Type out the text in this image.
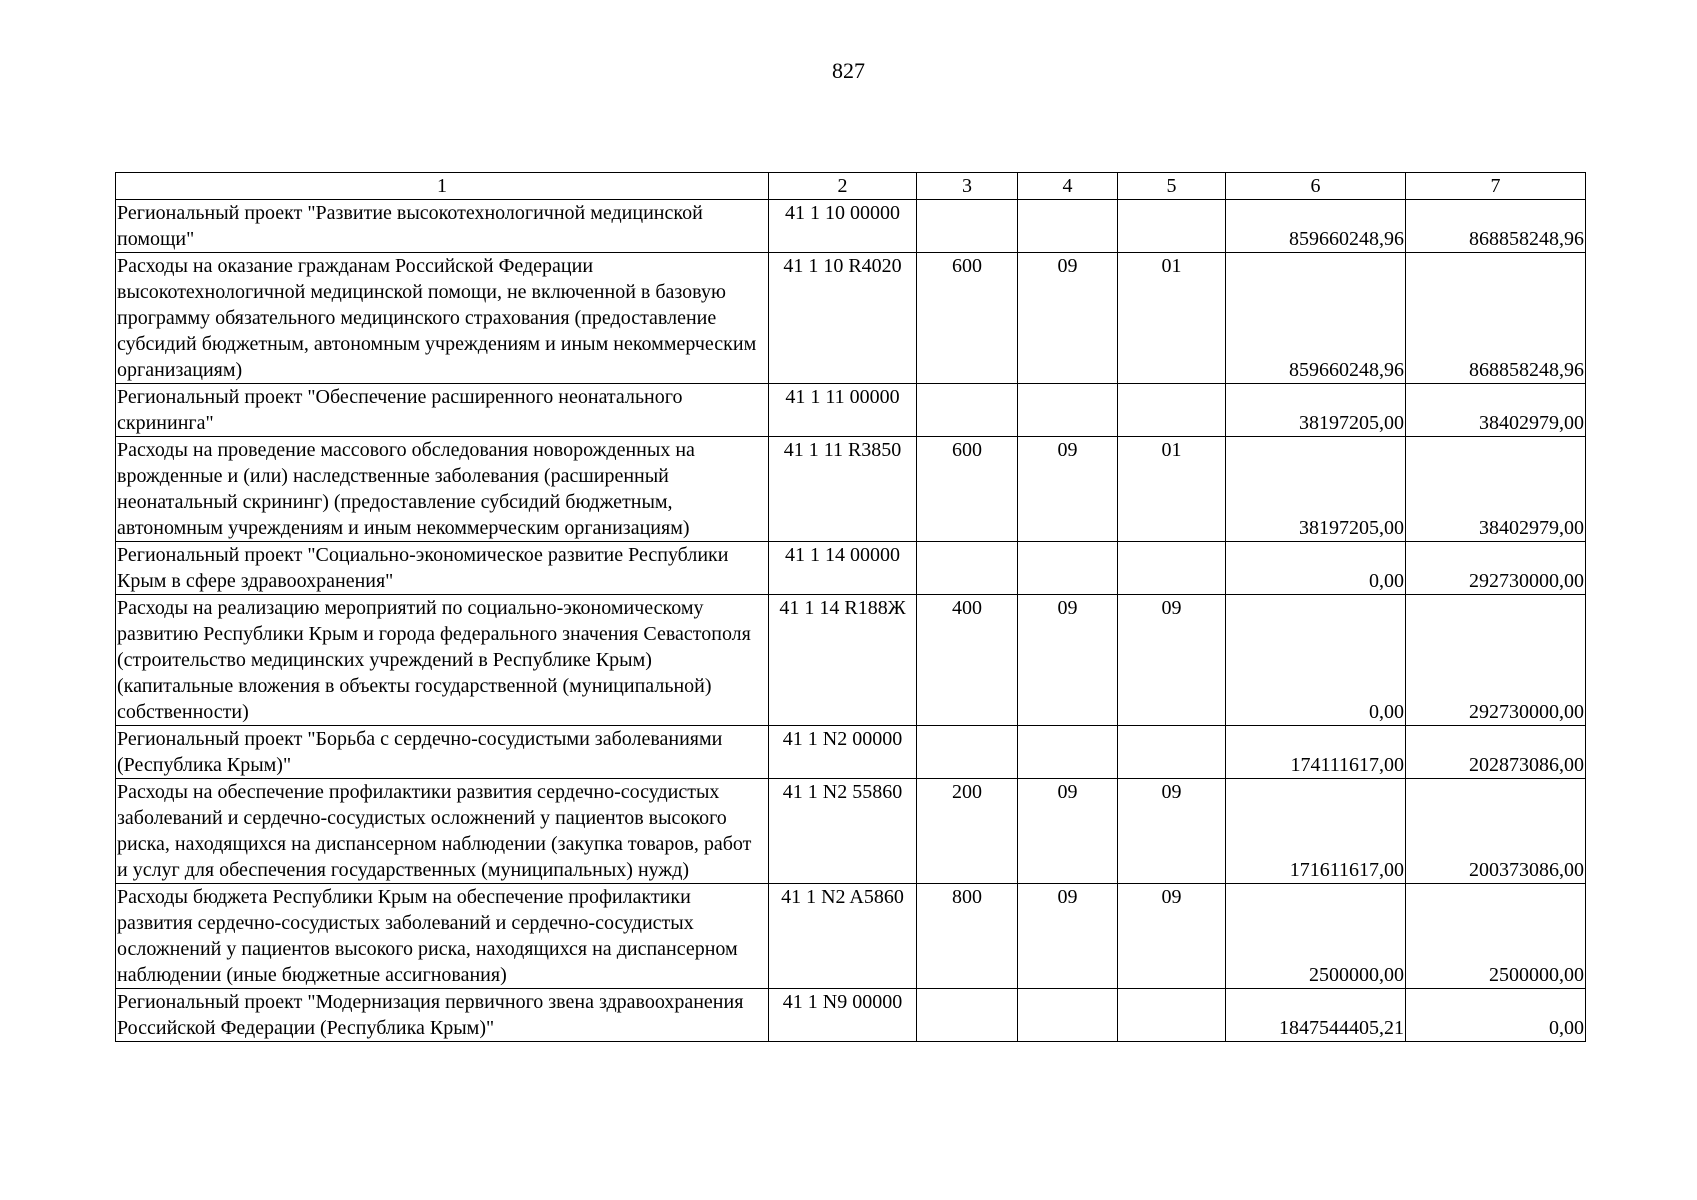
827
1	2	3	4	5	6	7
Региональный проект "Развитие высокотехнологичной медицинской помощи"	41 1 10 00000				859660248,96	868858248,96
Расходы на оказание гражданам Российской Федерации высокотехнологичной медицинской помощи, не включенной в базовую программу обязательного медицинского страхования (предоставление субсидий бюджетным, автономным учреждениям и иным некоммерческим организациям)	41 1 10 R4020	600	09	01	859660248,96	868858248,96
Региональный проект "Обеспечение расширенного неонатального скрининга"	41 1 11 00000				38197205,00	38402979,00
Расходы на проведение массового обследования новорожденных на врожденные и (или) наследственные заболевания (расширенный неонатальный скрининг) (предоставление субсидий бюджетным, автономным учреждениям и иным некоммерческим организациям)	41 1 11 R3850	600	09	01	38197205,00	38402979,00
Региональный проект "Социально-экономическое развитие Республики Крым в сфере здравоохранения"	41 1 14 00000				0,00	292730000,00
Расходы на реализацию мероприятий по социально-экономическому развитию Республики Крым и города федерального значения Севастополя (строительство медицинских учреждений в Республике Крым) (капитальные вложения в объекты государственной (муниципальной) собственности)	41 1 14 R188Ж	400	09	09	0,00	292730000,00
Региональный проект "Борьба с сердечно-сосудистыми заболеваниями (Республика Крым)"	41 1 N2 00000				174111617,00	202873086,00
Расходы на обеспечение профилактики развития сердечно-сосудистых заболеваний и сердечно-сосудистых осложнений у пациентов высокого риска, находящихся на диспансерном наблюдении (закупка товаров, работ и услуг для обеспечения государственных (муниципальных) нужд)	41 1 N2 55860	200	09	09	171611617,00	200373086,00
Расходы бюджета Республики Крым на обеспечение профилактики развития сердечно-сосудистых заболеваний и сердечно-сосудистых осложнений у пациентов высокого риска, находящихся на диспансерном наблюдении (иные бюджетные ассигнования)	41 1 N2 A5860	800	09	09	2500000,00	2500000,00
Региональный проект "Модернизация первичного звена здравоохранения Российской Федерации (Республика Крым)"	41 1 N9 00000				1847544405,21	0,00
